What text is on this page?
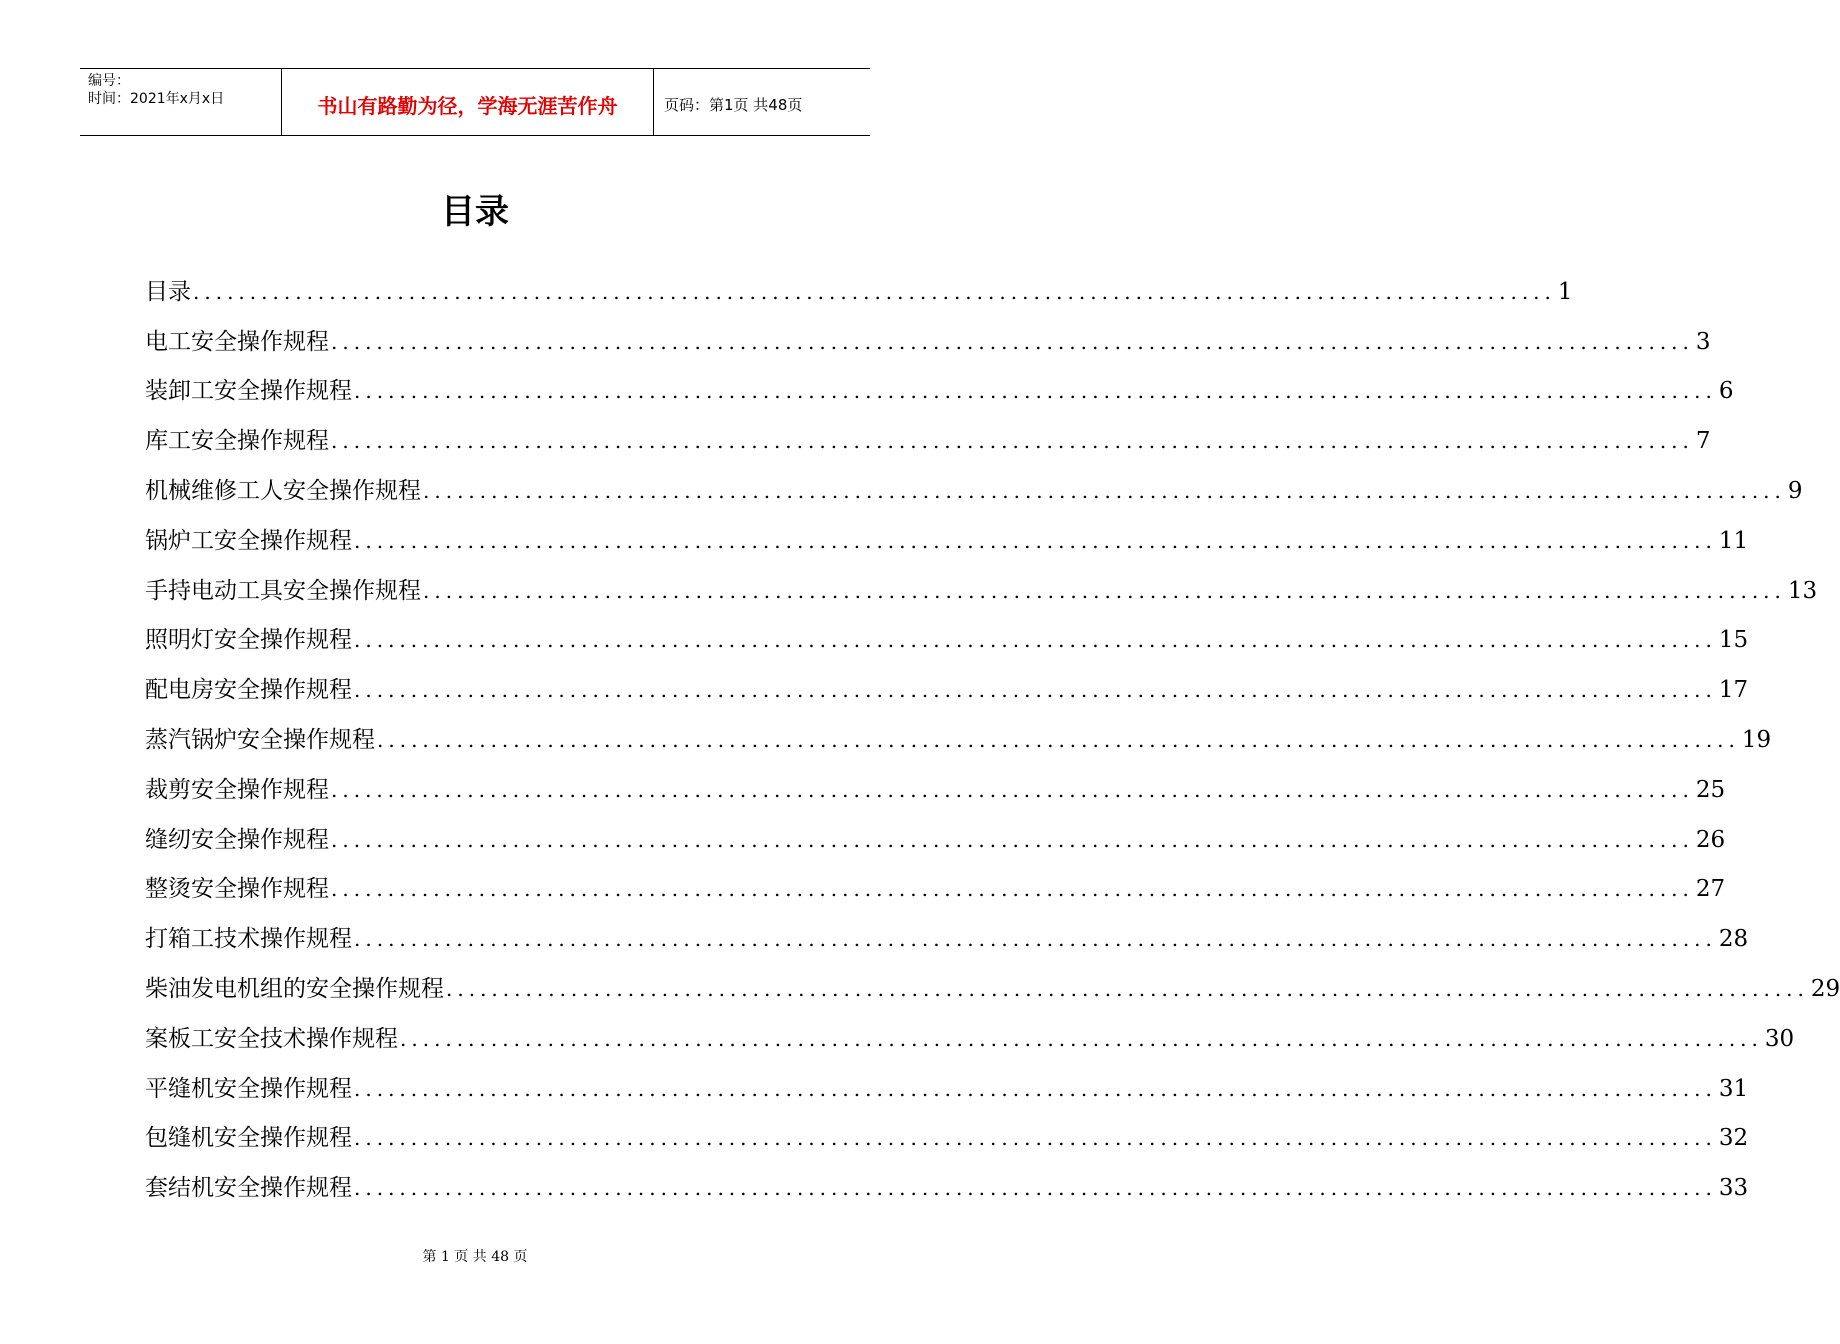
编号：
时间：2021年x月x日	书山有路勤为径，学海无涯苦作舟	页码：第1页 共48页
目录
目录 ........................................................................................................................ 1
电工安全操作规程 ........................................................................................................................ 3
装卸工安全操作规程 ........................................................................................................................ 6
库工安全操作规程 ........................................................................................................................ 7
机械维修工人安全操作规程 ........................................................................................................................ 9
锅炉工安全操作规程 ........................................................................................................................ 11
手持电动工具安全操作规程 ........................................................................................................................ 13
照明灯安全操作规程 ........................................................................................................................ 15
配电房安全操作规程 ........................................................................................................................ 17
蒸汽锅炉安全操作规程 ........................................................................................................................ 19
裁剪安全操作规程 ........................................................................................................................ 25
缝纫安全操作规程 ........................................................................................................................ 26
整烫安全操作规程 ........................................................................................................................ 27
打箱工技术操作规程 ........................................................................................................................ 28
柴油发电机组的安全操作规程 ........................................................................................................................ 29
案板工安全技术操作规程 ........................................................................................................................ 30
平缝机安全操作规程 ........................................................................................................................ 31
包缝机安全操作规程 ........................................................................................................................ 32
套结机安全操作规程 ........................................................................................................................ 33
第 1 页 共 48 页
